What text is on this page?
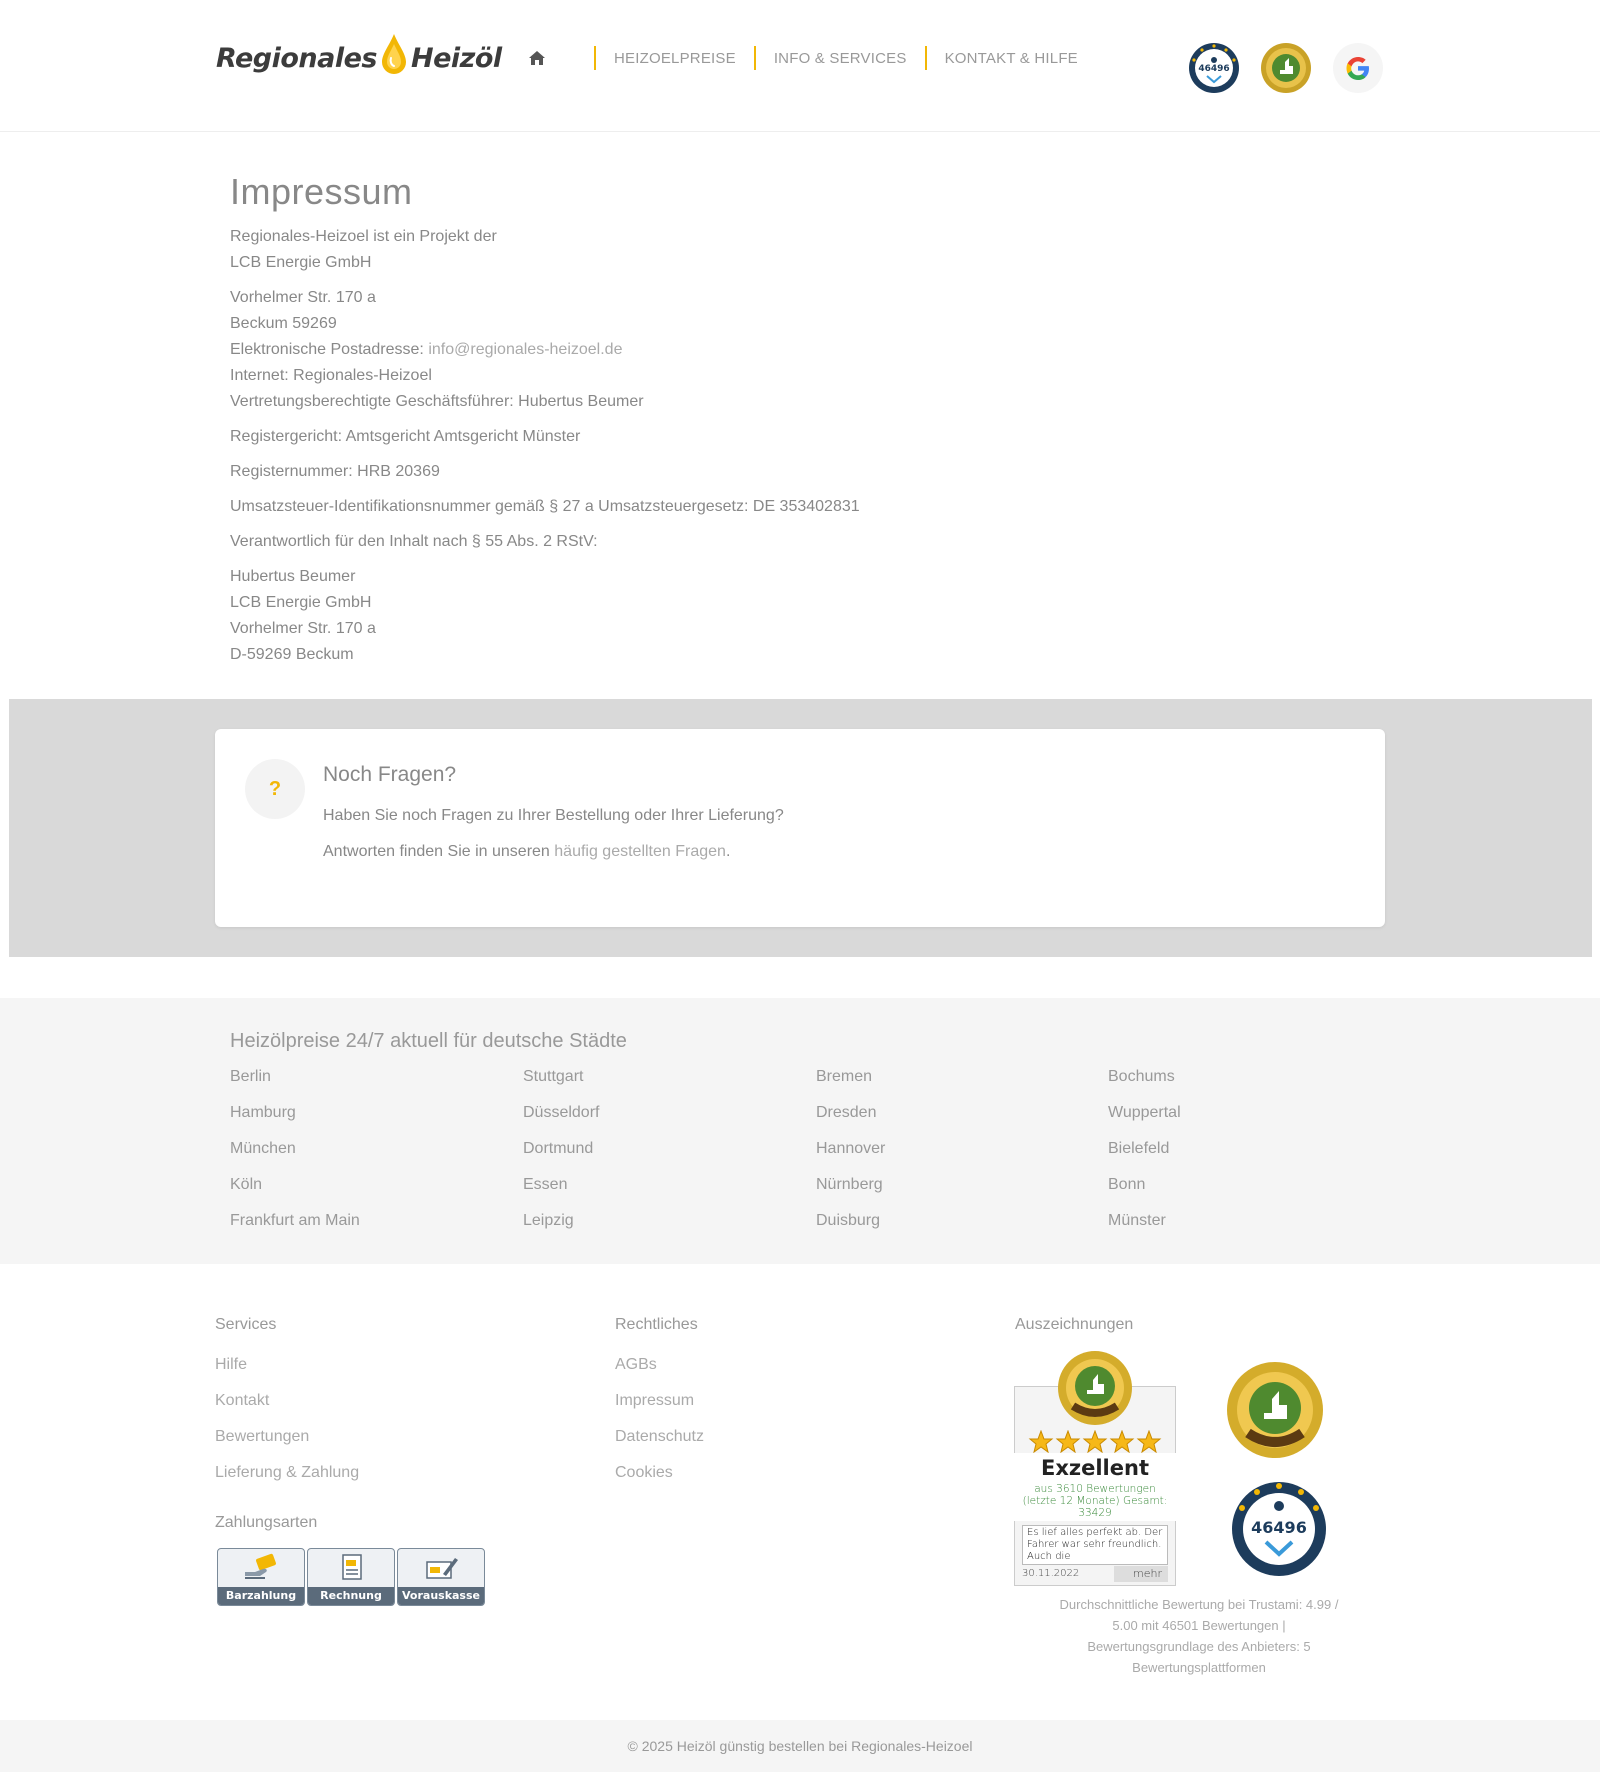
Regionales Heizöl	HEIZOELPREISE	INFO & SERVICES	KONTAKT & HILFE
46496
Impressum

Regionales-Heizoel ist ein Projekt der
LCB Energie GmbH

Vorhelmer Str. 170 a
Beckum 59269
Elektronische Postadresse: info@regionales-heizoel.de
Internet: Regionales-Heizoel
Vertretungsberechtigte Geschäftsführer: Hubertus Beumer

Registergericht: Amtsgericht Amtsgericht Münster

Registernummer: HRB 20369

Umsatzsteuer-Identifikationsnummer gemäß § 27 a Umsatzsteuergesetz: DE 353402831

Verantwortlich für den Inhalt nach § 55 Abs. 2 RStV:

Hubertus Beumer
LCB Energie GmbH
Vorhelmer Str. 170 a
D-59269 Beckum

?
Noch Fragen?
Haben Sie noch Fragen zu Ihrer Bestellung oder Ihrer Lieferung?
Antworten finden Sie in unseren häufig gestellten Fragen.
Heizölpreise 24/7 aktuell für deutsche Städte
Berlin	Stuttgart	Bremen	Bochums
Hamburg	Düsseldorf	Dresden	Wuppertal
München	Dortmund	Hannover	Bielefeld
Köln	Essen	Nürnberg	Bonn
Frankfurt am Main	Leipzig	Duisburg	Münster
Services
Hilfe
Kontakt
Bewertungen
Lieferung & Zahlung
Rechtliches
AGBs
Impressum
Datenschutz
Cookies
Auszeichnungen
Zahlungsarten
Barzahlung	Rechnung	Vorauskasse
Exzellent
aus 3610 Bewertungen (letzte 12 Monate) Gesamt: 33429
Es lief alles perfekt ab. Der Fahrer war sehr freundlich. Auch die
30.11.2022	mehr
46496
Durchschnittliche Bewertung bei Trustami: 4.99 / 5.00 mit 46501 Bewertungen | Bewertungsgrundlage des Anbieters: 5 Bewertungsplattformen
© 2025 Heizöl günstig bestellen bei Regionales-Heizoel
